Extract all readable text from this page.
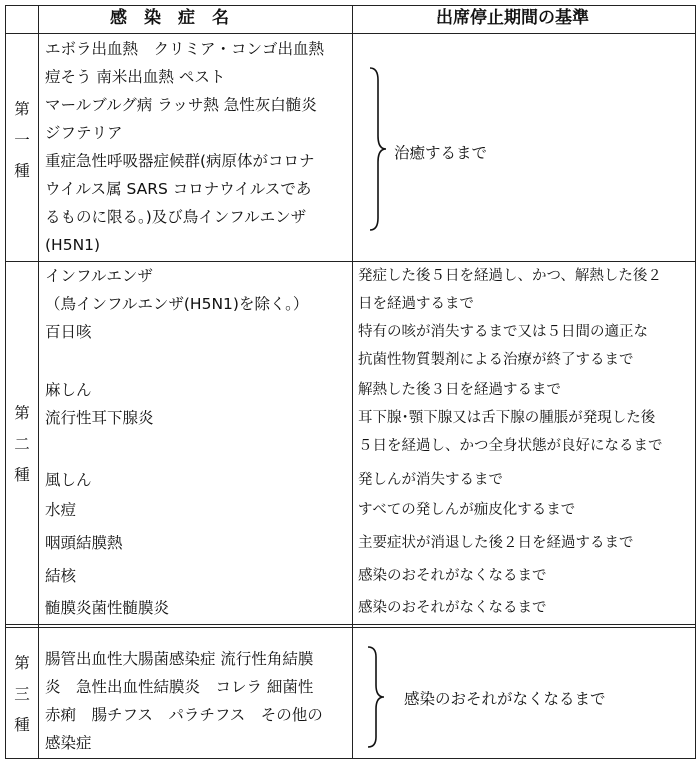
感　染　症　名	出席停止期間の基準
第
一
種
エボラ出血熱　クリミア・コンゴ出血熱
痘そう 南米出血熱 ペスト
マールブルグ病 ラッサ熱 急性灰白髄炎
ジフテリア
重症急性呼吸器症候群(病原体がコロナ
ウイルス属 SARS コロナウイルスであ
るものに限る。)及び鳥インフルエンザ
(H5N1)
治癒するまで
第
二
種
インフルエンザ
（鳥インフルエンザ(H5N1)を除く。）
百日咳
麻しん
流行性耳下腺炎
風しん
水痘
咽頭結膜熱
結核
髄膜炎菌性髄膜炎
発症した後５日を経過し、かつ、解熱した後２
日を経過するまで
特有の咳が消失するまで又は５日間の適正な
抗菌性物質製剤による治療が終了するまで
解熱した後３日を経過するまで
耳下腺･顎下腺又は舌下腺の腫脹が発現した後
５日を経過し、かつ全身状態が良好になるまで
発しんが消失するまで
すべての発しんが痂皮化するまで
主要症状が消退した後２日を経過するまで
感染のおそれがなくなるまで
感染のおそれがなくなるまで
第
三
種
腸管出血性大腸菌感染症 流行性角結膜
炎　急性出血性結膜炎　コレラ 細菌性
赤痢　腸チフス　パラチフス　その他の
感染症
感染のおそれがなくなるまで
